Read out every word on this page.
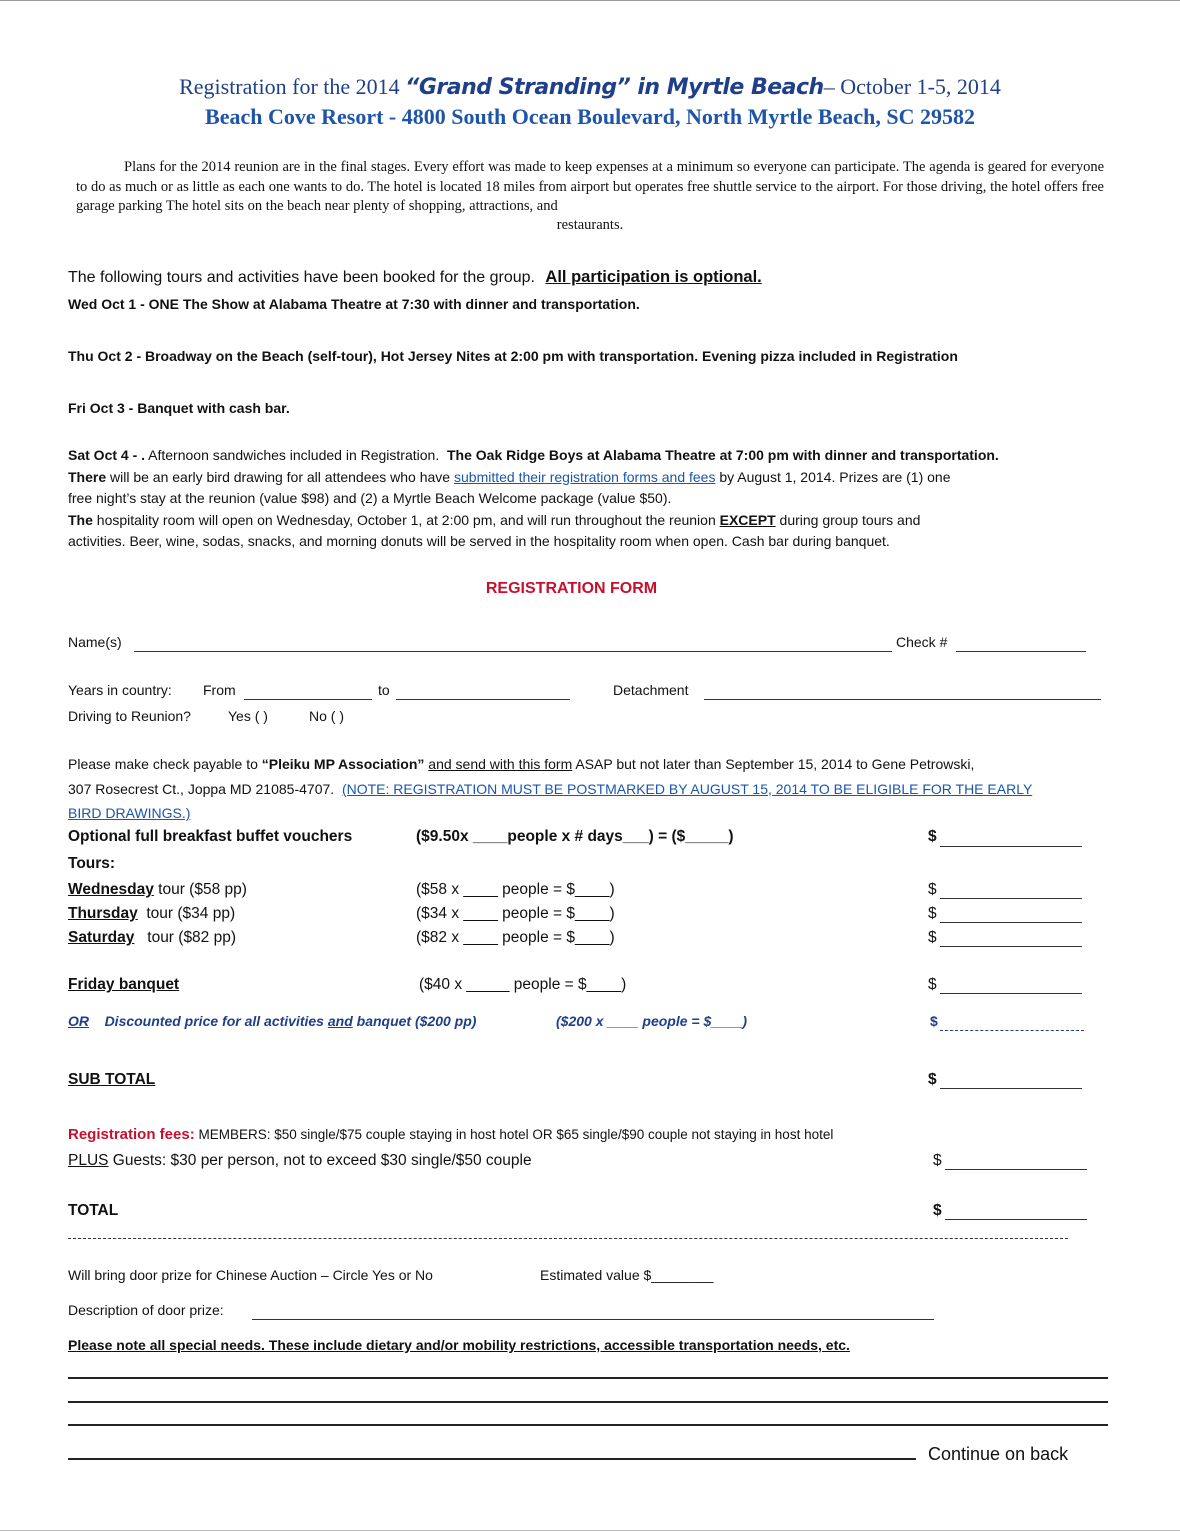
Registration for the 2014 “Grand Stranding” in Myrtle Beach– October 1-5, 2014
Beach Cove Resort - 4800 South Ocean Boulevard, North Myrtle Beach, SC 29582
Plans for the 2014 reunion are in the final stages. Every effort was made to keep expenses at a minimum so everyone can participate. The agenda is geared for everyone to do as much or as little as each one wants to do. The hotel is located 18 miles from airport but operates free shuttle service to the airport. For those driving, the hotel offers free garage parking The hotel sits on the beach near plenty of shopping, attractions, and
restaurants.
The following tours and activities have been booked for the group. All participation is optional.
Wed Oct 1 - ONE The Show at Alabama Theatre at 7:30 with dinner and transportation.
Thu Oct 2 - Broadway on the Beach (self-tour), Hot Jersey Nites at 2:00 pm with transportation. Evening pizza included in Registration
Fri Oct 3 - Banquet with cash bar.
Sat Oct 4 - . Afternoon sandwiches included in Registration. The Oak Ridge Boys at Alabama Theatre at 7:00 pm with dinner and transportation.
There will be an early bird drawing for all attendees who have submitted their registration forms and fees by August 1, 2014. Prizes are (1) one
free night’s stay at the reunion (value $98) and (2) a Myrtle Beach Welcome package (value $50).
The hospitality room will open on Wednesday, October 1, at 2:00 pm, and will run throughout the reunion EXCEPT during group tours and
activities. Beer, wine, sodas, snacks, and morning donuts will be served in the hospitality room when open. Cash bar during banquet.
REGISTRATION FORM
Name(s)	Check #
Years in country: From	to	Detachment
Driving to Reunion?	Yes ( )	No ( )
Please make check payable to “Pleiku MP Association” and send with this form ASAP but not later than September 15, 2014 to Gene Petrowski,
307 Rosecrest Ct., Joppa MD 21085-4707. (NOTE: REGISTRATION MUST BE POSTMARKED BY AUGUST 15, 2014 TO BE ELIGIBLE FOR THE EARLY
BIRD DRAWINGS.)
Optional full breakfast buffet vouchers	($9.50x ____people x # days___) = ($_____)	$
Tours:
Wednesday tour ($58 pp)	($58 x ____ people = $____)	$
Thursday  tour ($34 pp)	($34 x ____ people = $____)	$
Saturday   tour ($82 pp)	($82 x ____ people = $____)	$
Friday banquet	($40 x _____ people = $____)	$
OR Discounted price for all activities and banquet ($200 pp)	($200 x ____ people = $____)	$
SUB TOTAL	$
Registration fees: MEMBERS: $50 single/$75 couple staying in host hotel OR $65 single/$90 couple not staying in host hotel
PLUS Guests: $30 per person, not to exceed $30 single/$50 couple	$
TOTAL	$
Will bring door prize for Chinese Auction – Circle Yes or No	Estimated value $________
Description of door prize:
Please note all special needs. These include dietary and/or mobility restrictions, accessible transportation needs, etc.
Continue on back
